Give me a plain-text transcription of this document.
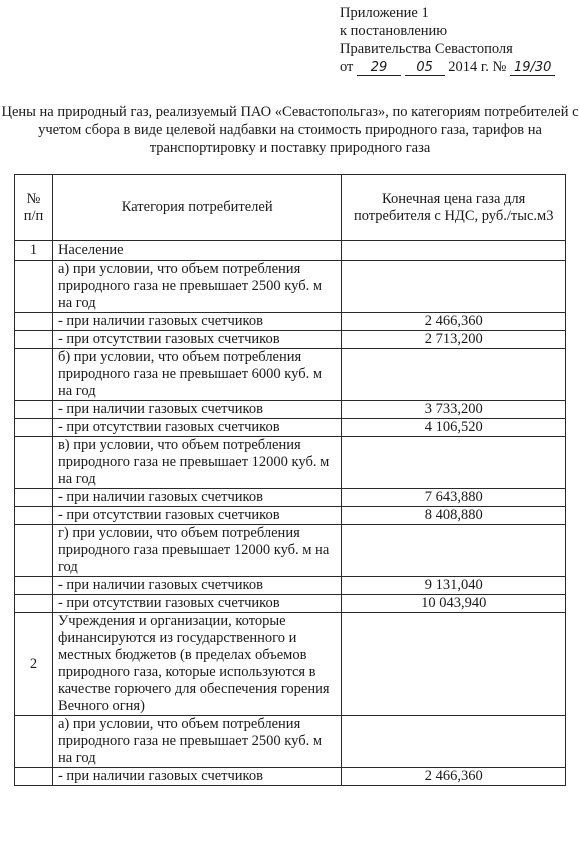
Приложение 1
к постановлению
Правительства Севастополя
от 29 05 2014 г. № 19/30
Цены на природный газ, реализуемый ПАО «Севастопольгаз», по категориям потребителей с учетом сбора в виде целевой надбавки на стоимость природного газа, тарифов на транспортировку и поставку природного газа
№ п/п	Категория потребителей	Конечная цена газа для потребителя с НДС, руб./тыс.м3
1	Население	
	а) при условии, что объем потребления природного газа не превышает 2500 куб. м на год	
	- при наличии газовых счетчиков	2 466,360
	- при отсутствии газовых счетчиков	2 713,200
	б) при условии, что объем потребления природного газа не превышает 6000 куб. м на год	
	- при наличии газовых счетчиков	3 733,200
	- при отсутствии газовых счетчиков	4 106,520
	в) при условии, что объем потребления природного газа не превышает 12000 куб. м на год	
	- при наличии газовых счетчиков	7 643,880
	- при отсутствии газовых счетчиков	8 408,880
	г) при условии, что объем потребления природного газа превышает 12000 куб. м на год	
	- при наличии газовых счетчиков	9 131,040
	- при отсутствии газовых счетчиков	10 043,940
2	Учреждения и организации, которые финансируются из государственного и местных бюджетов (в пределах объемов природного газа, которые используются в качестве горючего для обеспечения горения Вечного огня)	
	а) при условии, что объем потребления природного газа не превышает 2500 куб. м на год	
	- при наличии газовых счетчиков	2 466,360
